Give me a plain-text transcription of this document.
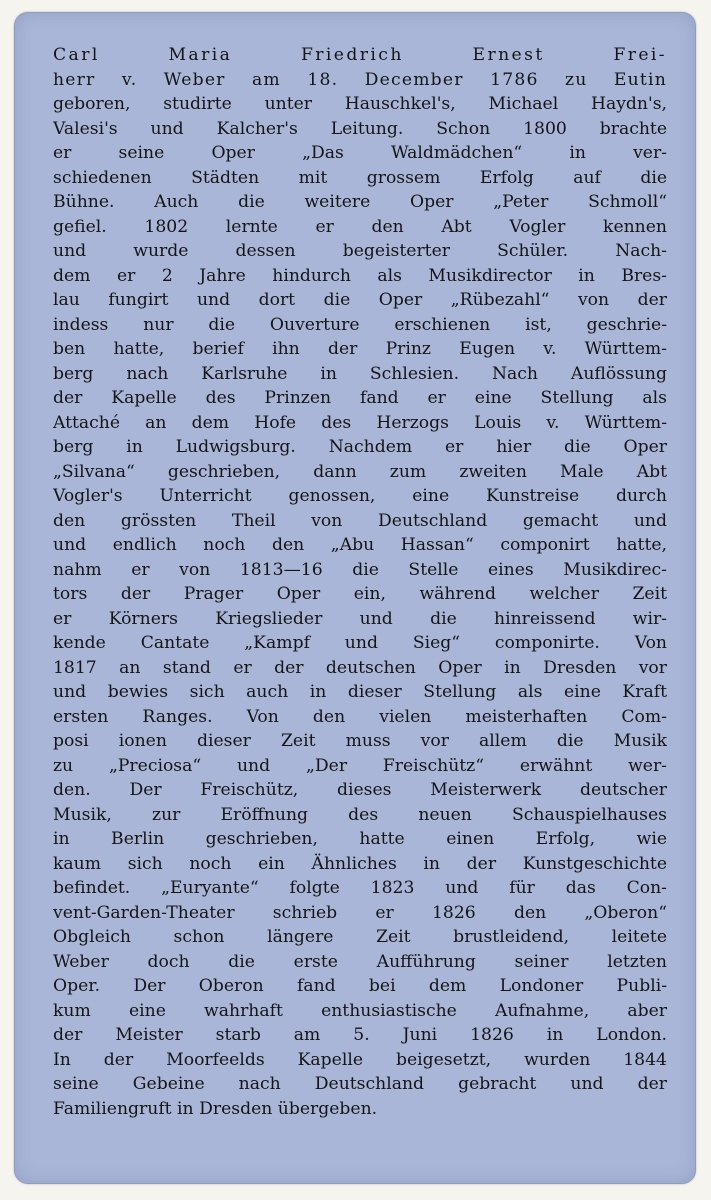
Carl Maria Friedrich Ernest Frei-
herr v. Weber am 18. December 1786 zu Eutin
geboren, studirte unter Hauschkel's, Michael Haydn's,
Valesi's und Kalcher's Leitung. Schon 1800 brachte
er seine Oper „Das Waldmädchen“ in ver-
schiedenen Städten mit grossem Erfolg auf die
Bühne. Auch die weitere Oper „Peter Schmoll“
gefiel. 1802 lernte er den Abt Vogler kennen
und wurde dessen begeisterter Schüler. Nach-
dem er 2 Jahre hindurch als Musikdirector in Bres-
lau fungirt und dort die Oper „Rübezahl“ von der
indess nur die Ouverture erschienen ist, geschrie-
ben hatte, berief ihn der Prinz Eugen v. Württem-
berg nach Karlsruhe in Schlesien. Nach Auflössung
der Kapelle des Prinzen fand er eine Stellung als
Attaché an dem Hofe des Herzogs Louis v. Württem-
berg in Ludwigsburg. Nachdem er hier die Oper
„Silvana“ geschrieben, dann zum zweiten Male Abt
Vogler's Unterricht genossen, eine Kunstreise durch
den grössten Theil von Deutschland gemacht und
und endlich noch den „Abu Hassan“ componirt hatte,
nahm er von 1813—16 die Stelle eines Musikdirec-
tors der Prager Oper ein, während welcher Zeit
er Körners Kriegslieder und die hinreissend wir-
kende Cantate „Kampf und Sieg“ componirte. Von
1817 an stand er der deutschen Oper in Dresden vor
und bewies sich auch in dieser Stellung als eine Kraft
ersten Ranges. Von den vielen meisterhaften Com-
posi ionen dieser Zeit muss vor allem die Musik
zu „Preciosa“ und „Der Freischütz“ erwähnt wer-
den. Der Freischütz, dieses Meisterwerk deutscher
Musik, zur Eröffnung des neuen Schauspielhauses
in Berlin geschrieben, hatte einen Erfolg, wie
kaum sich noch ein Ähnliches in der Kunstgeschichte
befindet. „Euryante“ folgte 1823 und für das Con-
vent-Garden-Theater schrieb er 1826 den „Oberon“
Obgleich schon längere Zeit brustleidend, leitete
Weber doch die erste Aufführung seiner letzten
Oper. Der Oberon fand bei dem Londoner Publi-
kum eine wahrhaft enthusiastische Aufnahme, aber
der Meister starb am 5. Juni 1826 in London.
In der Moorfeelds Kapelle beigesetzt, wurden 1844
seine Gebeine nach Deutschland gebracht und der
Familiengruft in Dresden übergeben.
